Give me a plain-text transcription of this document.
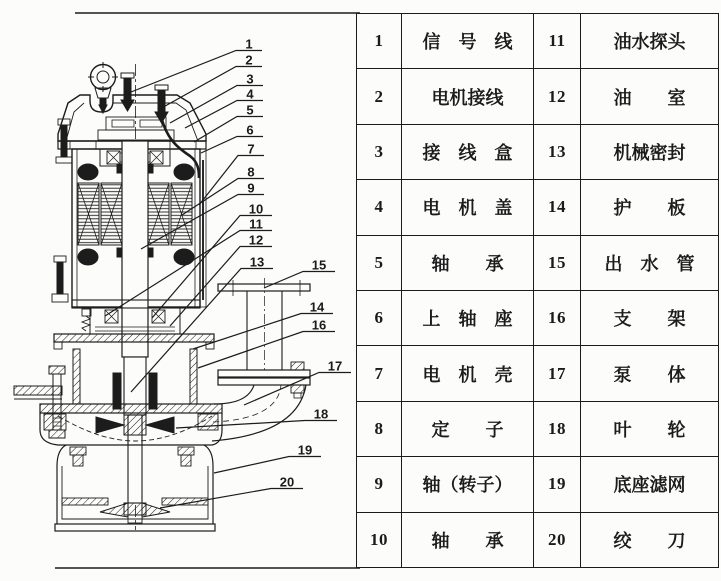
1
2
3
4
5
6
7
8
9
10
11
12
13
14
15
16
17
18
19
20
1	信　号　线	11	油水探头
2	电机接线	12	油　　室
3	接　线　盒	13	机械密封
4	电　机　盖	14	护　　板
5	轴　　承	15	出　水　管
6	上　轴　座	16	支　　架
7	电　机　壳	17	泵　　体
8	定　　子	18	叶　　轮
9	轴（转子）	19	底座滤网
10	轴　　承	20	绞　　刀
